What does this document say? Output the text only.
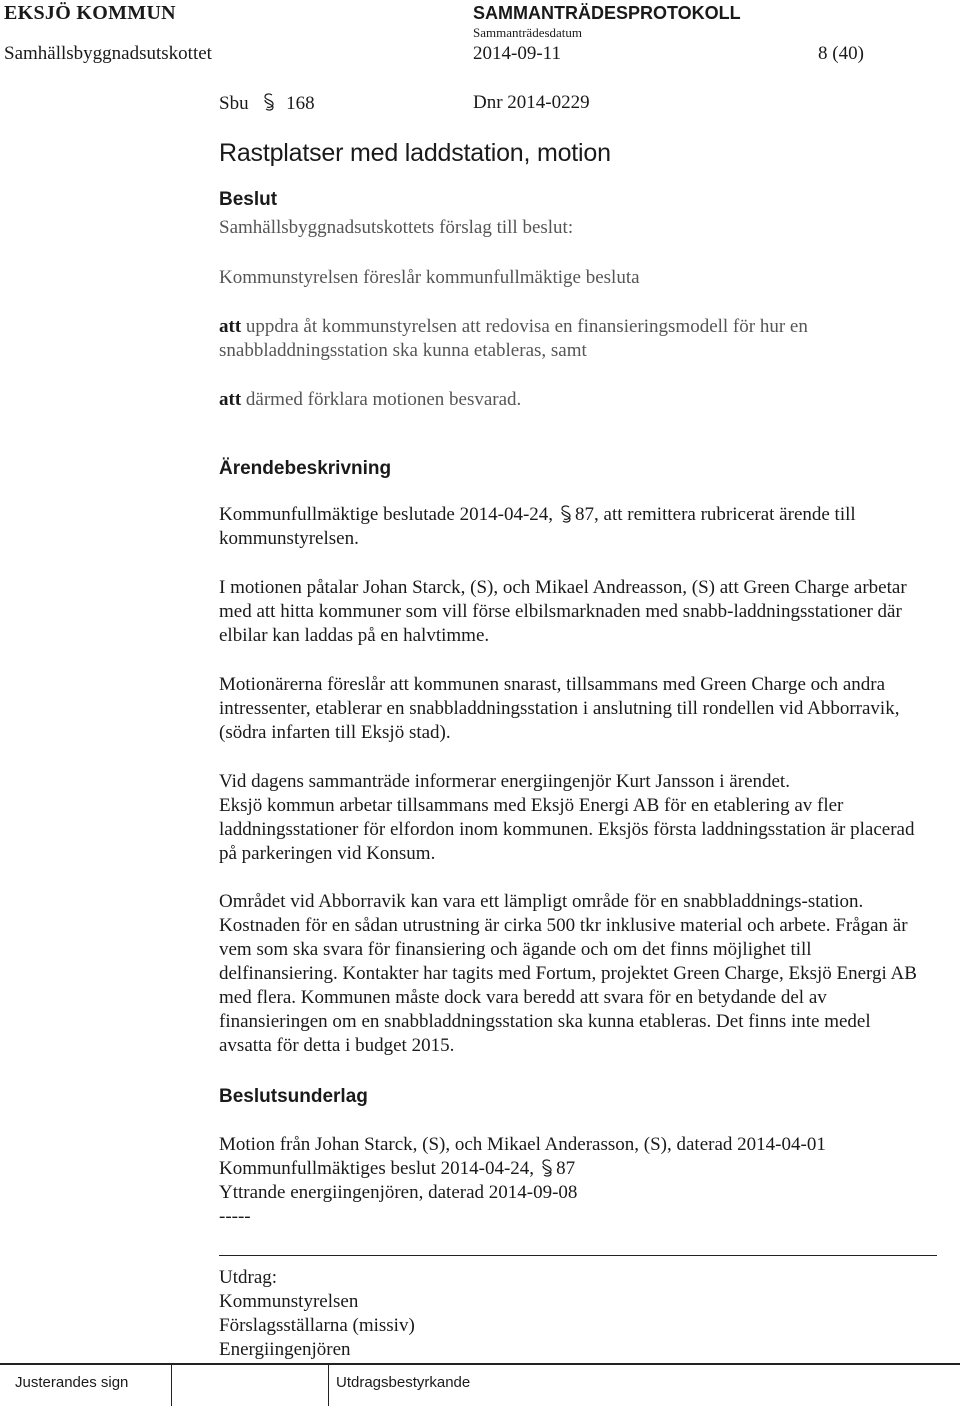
EKSJÖ KOMMUN	SAMMANTRÄDESPROTOKOLL
Sammanträdesdatum
Samhällsbyggnadsutskottet	2014-09-11	8 (40)
Sbu 168	Dnr 2014-0229
Rastplatser med laddstation, motion
Beslut

Samhällsbyggnadsutskottets förslag till beslut:

Kommunstyrelsen föreslår kommunfullmäktige besluta

att uppdra åt kommunstyrelsen att redovisa en finansieringsmodell för hur en snabbladdningsstation ska kunna etableras, samt

att därmed förklara motionen besvarad.

Ärendebeskrivning

Kommunfullmäktige beslutade 2014-04-24, 87, att remittera rubricerat ärende till kommunstyrelsen.

I motionen påtalar Johan Starck, (S), och Mikael Andreasson, (S) att Green Charge arbetar med att hitta kommuner som vill förse elbilsmarknaden med snabb-laddningsstationer där elbilar kan laddas på en halvtimme.

Motionärerna föreslår att kommunen snarast, tillsammans med Green Charge och andra intressenter, etablerar en snabbladdningsstation i anslutning till rondellen vid Abborravik, (södra infarten till Eksjö stad).

Vid dagens sammanträde informerar energiingenjör Kurt Jansson i ärendet.

Eksjö kommun arbetar tillsammans med Eksjö Energi AB för en etablering av fler laddningsstationer för elfordon inom kommunen. Eksjös första laddningsstation är placerad på parkeringen vid Konsum.

Området vid Abborravik kan vara ett lämpligt område för en snabbladdnings-station. Kostnaden för en sådan utrustning är cirka 500 tkr inklusive material och arbete. Frågan är vem som ska svara för finansiering och ägande och om det finns möjlighet till delfinansiering. Kontakter har tagits med Fortum, projektet Green Charge, Eksjö Energi AB med flera. Kommunen måste dock vara beredd att svara för en betydande del av finansieringen om en snabbladdningsstation ska kunna etableras. Det finns inte medel avsatta för detta i budget 2015.

Beslutsunderlag

Motion från Johan Starck, (S), och Mikael Anderasson, (S), daterad 2014-04-01

Kommunfullmäktiges beslut 2014-04-24, 87

Yttrande energiingenjören, daterad 2014-09-08

-----

Utdrag:

Kommunstyrelsen

Förslagsställarna (missiv)

Energiingenjören

Justerandes sign	Utdragsbestyrkande
